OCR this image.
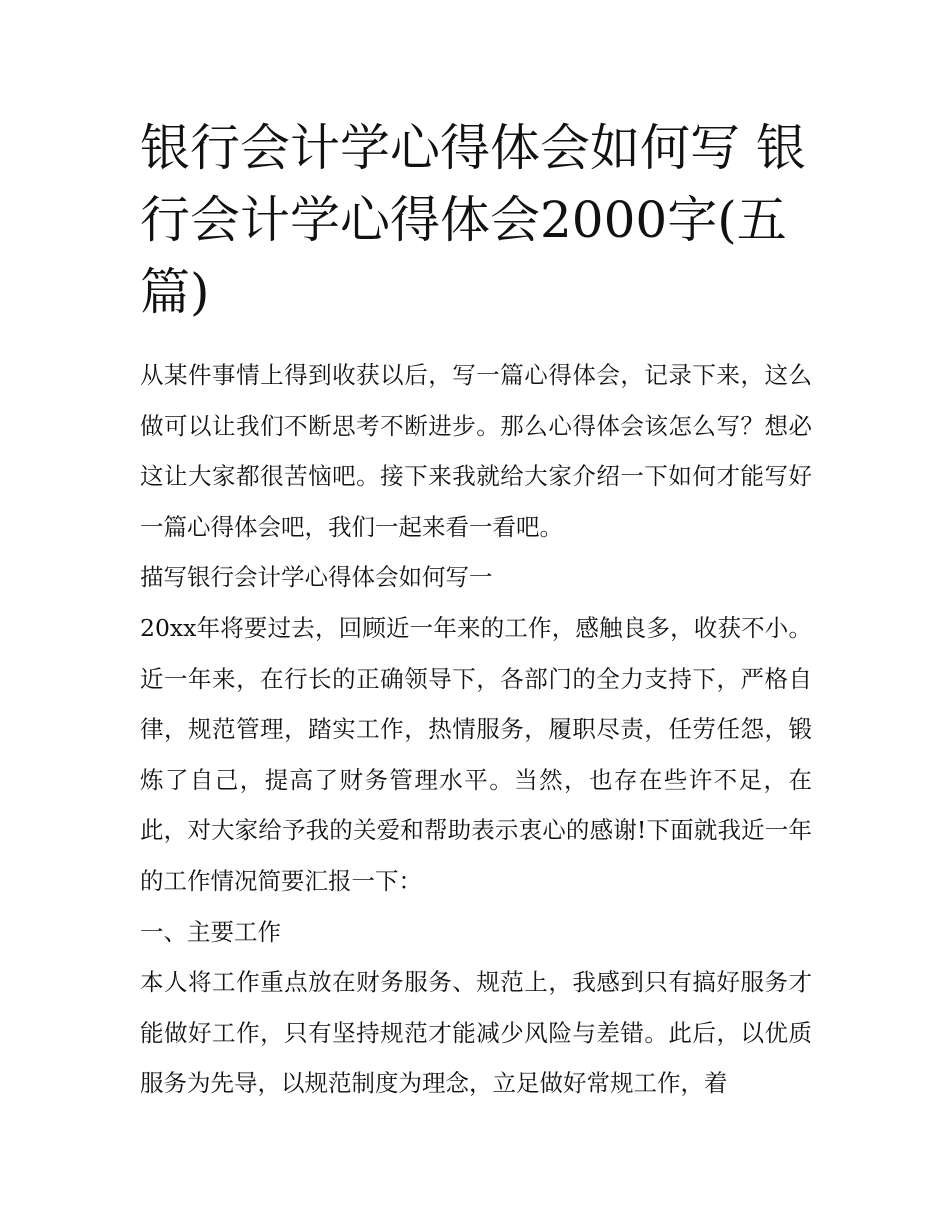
银行会计学心得体会如何写 银行会计学心得体会2000字(五篇)

从某件事情上得到收获以后，写一篇心得体会，记录下来，这么做可以让我们不断思考不断进步。那么心得体会该怎么写？想必这让大家都很苦恼吧。接下来我就给大家介绍一下如何才能写好一篇心得体会吧，我们一起来看一看吧。

描写银行会计学心得体会如何写一

20xx年将要过去，回顾近一年来的工作，感触良多，收获不小。近一年来，在行长的正确领导下，各部门的全力支持下，严格自律，规范管理，踏实工作，热情服务，履职尽责，任劳任怨，锻炼了自己，提高了财务管理水平。当然，也存在些许不足，在此，对大家给予我的关爱和帮助表示衷心的感谢!下面就我近一年的工作情况简要汇报一下：

一、主要工作

本人将工作重点放在财务服务、规范上，我感到只有搞好服务才能做好工作，只有坚持规范才能减少风险与差错。此后，以优质服务为先导，以规范制度为理念，立足做好常规工作，着
